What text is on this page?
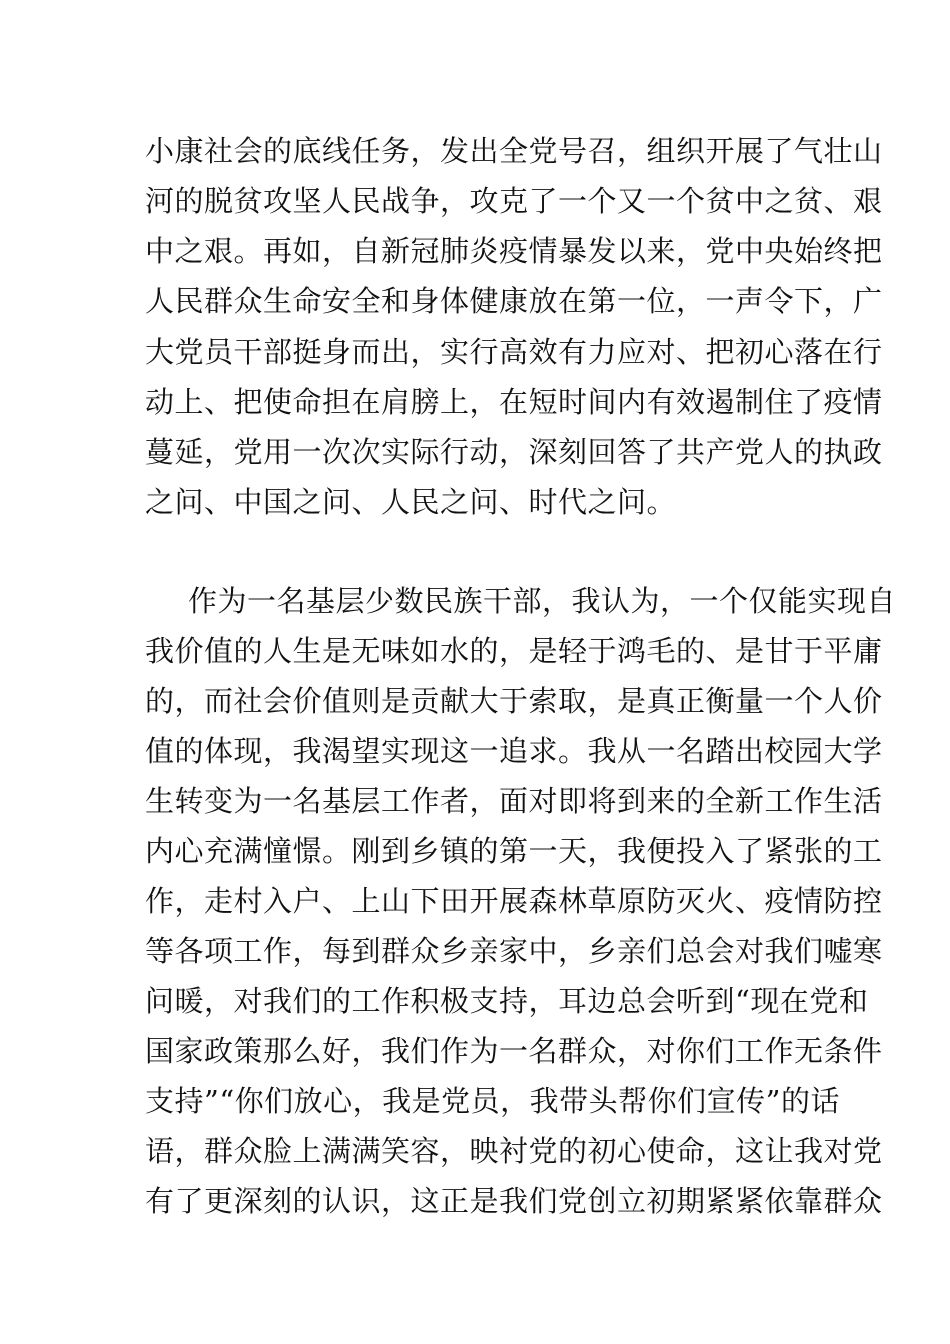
小康社会的底线任务，发出全党号召，组织开展了气壮山
河的脱贫攻坚人民战争，攻克了一个又一个贫中之贫、艰
中之艰。再如，自新冠肺炎疫情暴发以来，党中央始终把
人民群众生命安全和身体健康放在第一位，一声令下，广
大党员干部挺身而出，实行高效有力应对、把初心落在行
动上、把使命担在肩膀上，在短时间内有效遏制住了疫情
蔓延，党用一次次实际行动，深刻回答了共产党人的执政
之问、中国之问、人民之问、时代之问。
作为一名基层少数民族干部，我认为，一个仅能实现自
我价值的人生是无味如水的，是轻于鸿毛的、是甘于平庸
的，而社会价值则是贡献大于索取，是真正衡量一个人价
值的体现，我渴望实现这一追求。我从一名踏出校园大学
生转变为一名基层工作者，面对即将到来的全新工作生活
内心充满憧憬。刚到乡镇的第一天，我便投入了紧张的工
作，走村入户、上山下田开展森林草原防灭火、疫情防控
等各项工作，每到群众乡亲家中，乡亲们总会对我们嘘寒
问暖，对我们的工作积极支持，耳边总会听到“现在党和
国家政策那么好，我们作为一名群众，对你们工作无条件
支持”“你们放心，我是党员，我带头帮你们宣传”的话
语，群众脸上满满笑容，映衬党的初心使命，这让我对党
有了更深刻的认识，这正是我们党创立初期紧紧依靠群众
